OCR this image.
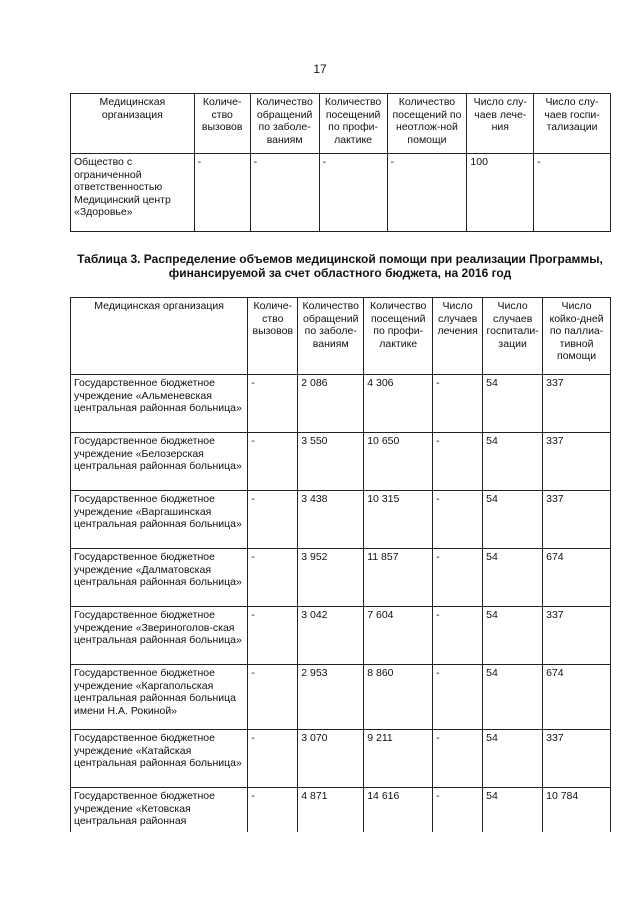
17
Медицинская организация	Количе-ство вызовов	Количество обращений по заболе-ваниям	Количество посещений по профи-лактике	Количество посещений по неотлож-ной помощи	Число слу-чаев лече-ния	Число слу-чаев госпи-тализации
Общество с ограниченной ответственностью Медицинский центр «Здоровье»	-	-	-	-	100	-
Таблица 3. Распределение объемов медицинской помощи при реализации Программы, финансируемой за счет областного бюджета, на 2016 год
Медицинская организация	Количе-ство вызовов	Количество обращений по заболе-ваниям	Количество посещений по профи-лактике	Число случаев лечения	Число случаев госпитали-зации	Число койко-дней по паллиа-тивной помощи
Государственное бюджетное учреждение «Альменевская центральная районная больница»	-	2 086	4 306	-	54	337
Государственное бюджетное учреждение «Белозерская центральная районная больница»	-	3 550	10 650	-	54	337
Государственное бюджетное учреждение «Варгашинская центральная районная больница»	-	3 438	10 315	-	54	337
Государственное бюджетное учреждение «Далматовская центральная районная больница»	-	3 952	11 857	-	54	674
Государственное бюджетное учреждение «Звериноголов-ская центральная районная больница»	-	3 042	7 604	-	54	337
Государственное бюджетное учреждение «Каргапольская центральная районная больница имени Н.А. Рокиной»	-	2 953	8 860	-	54	674
Государственное бюджетное учреждение «Катайская центральная районная больница»	-	3 070	9 211	-	54	337
Государственное бюджетное учреждение «Кетовская центральная районная	-	4 871	14 616	-	54	10 784
